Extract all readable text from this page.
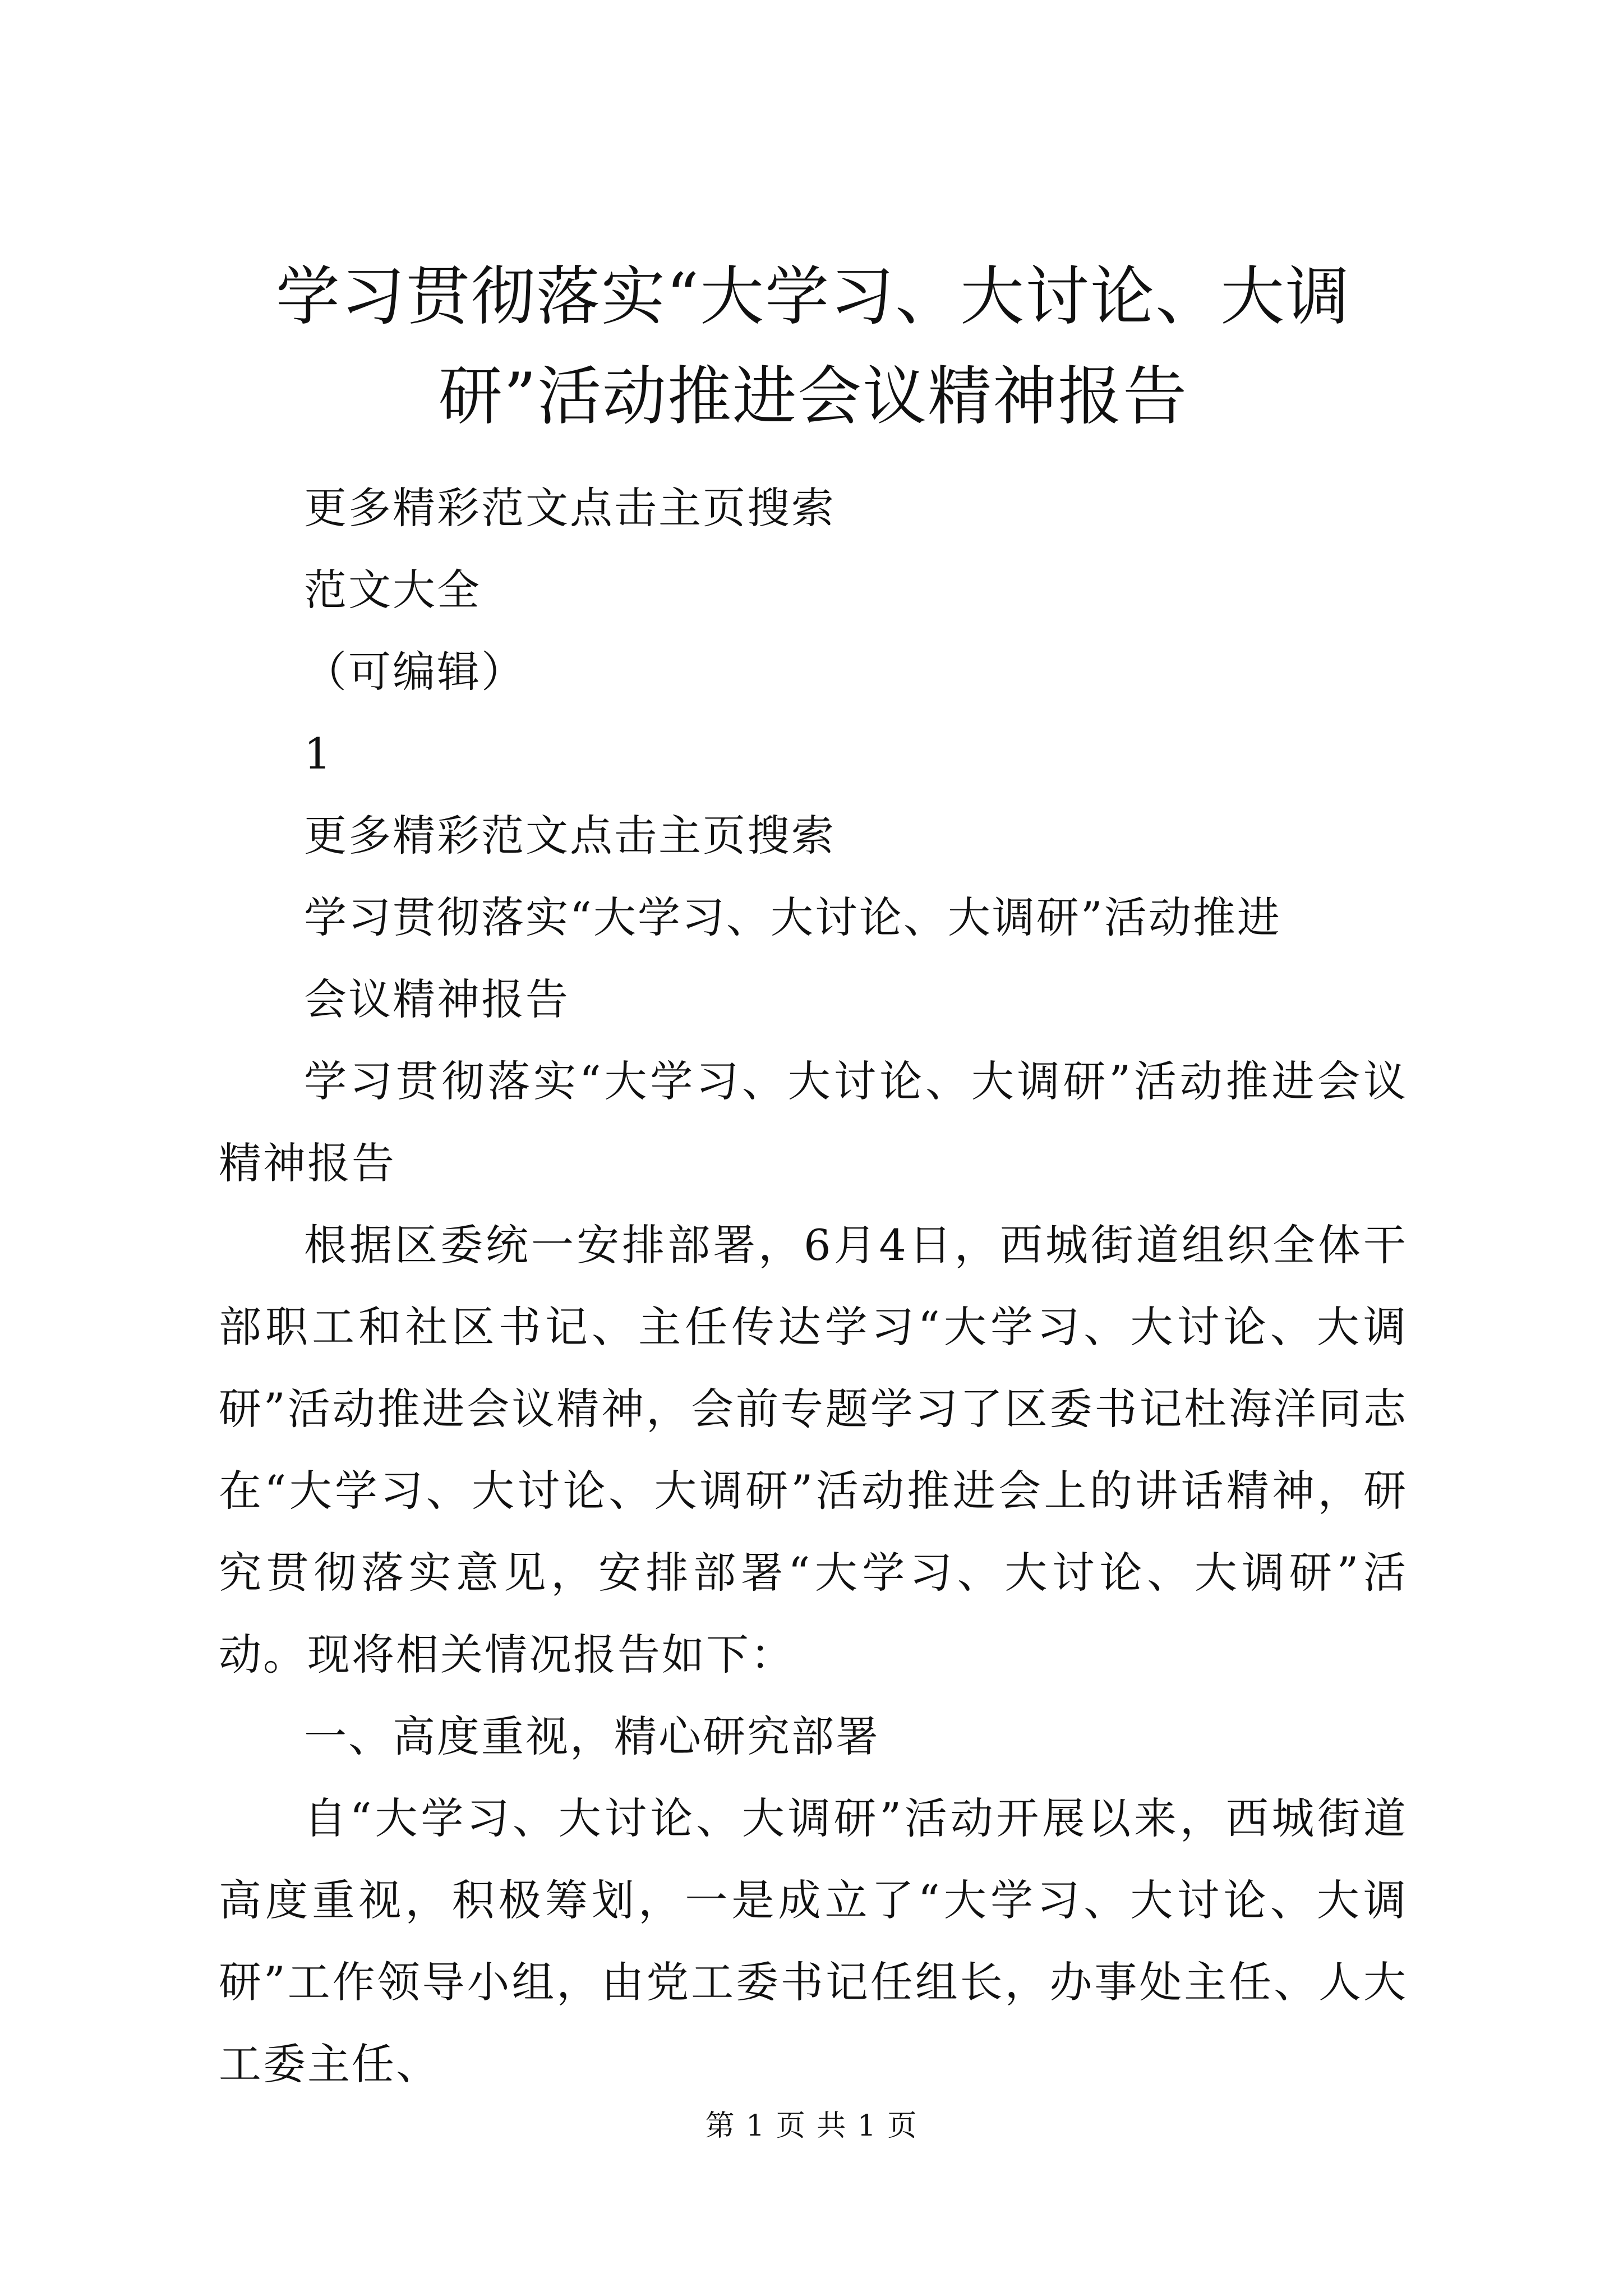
学习贯彻落实“大学习、大讨论、大调研”活动推进会议精神报告

更多精彩范文点击主页搜索

范文大全

（可编辑）

1

更多精彩范文点击主页搜索

学习贯彻落实“大学习、大讨论、大调研”活动推进

会议精神报告

学习贯彻落实“大学习、大讨论、大调研”活动推进会议精神报告

根据区委统一安排部署，6月4日，西城街道组织全体干部职工和社区书记、主任传达学习“大学习、大讨论、大调研”活动推进会议精神，会前专题学习了区委书记杜海洋同志在“大学习、大讨论、大调研”活动推进会上的讲话精神，研究贯彻落实意见，安排部署“大学习、大讨论、大调研”活动。现将相关情况报告如下：

一、高度重视，精心研究部署

自“大学习、大讨论、大调研”活动开展以来，西城街道高度重视，积极筹划，一是成立了“大学习、大讨论、大调研”工作领导小组，由党工委书记任组长，办事处主任、人大工委主任、

第 1 页 共 1 页
